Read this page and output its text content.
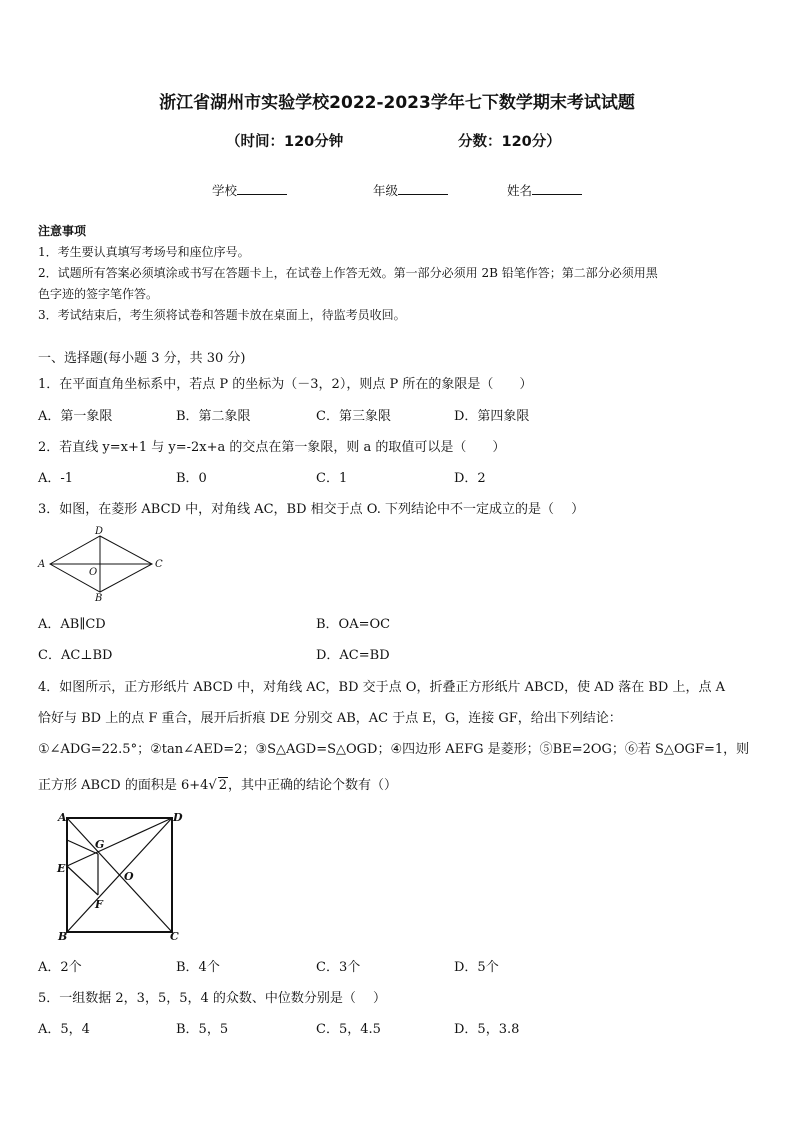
浙江省湖州市实验学校2022-2023学年七下数学期末考试试题
（时间：120分钟	分数：120分）
学校	年级	姓名
注意事项
1．考生要认真填写考场号和座位序号。
2．试题所有答案必须填涂或书写在答题卡上，在试卷上作答无效。第一部分必须用 2B 铅笔作答；第二部分必须用黑
色字迹的签字笔作答。
3．考试结束后，考生须将试卷和答题卡放在桌面上，待监考员收回。
一、选择题(每小题 3 分，共 30 分)
1．在平面直角坐标系中，若点 P 的坐标为（－3，2），则点 P 所在的象限是（　　）
A．第一象限	B．第二象限	C．第三象限	D．第四象限
2．若直线 y=x+1 与 y=-2x+a 的交点在第一象限，则 a 的取值可以是（　　）
A．-1	B．0	C．1	D．2
3．如图，在菱形 ABCD 中，对角线 AC，BD 相交于点 O. 下列结论中不一定成立的是（　 ）
A
B
C
D
O
A．AB∥CD	B．OA=OC
C．AC⊥BD	D．AC=BD
4．如图所示，正方形纸片 ABCD 中，对角线 AC，BD 交于点 O，折叠正方形纸片 ABCD，使 AD 落在 BD 上，点 A
恰好与 BD 上的点 F 重合，展开后折痕 DE 分别交 AB，AC 于点 E，G，连接 GF，给出下列结论：
①∠ADG=22.5°；②tan∠AED=2；③S△AGD=S△OGD；④四边形 AEFG 是菱形；⑤BE=2OG；⑥若 S△OGF=1，则
正方形 ABCD 的面积是 6+4√ 2，其中正确的结论个数有（）
A	D
G
E
O
F
B	C
A．2个	B．4个	C．3个	D．5个
5．一组数据 2，3，5，5，4 的众数、中位数分别是（　 ）
A．5，4	B．5，5	C．5，4.5	D．5，3.8
